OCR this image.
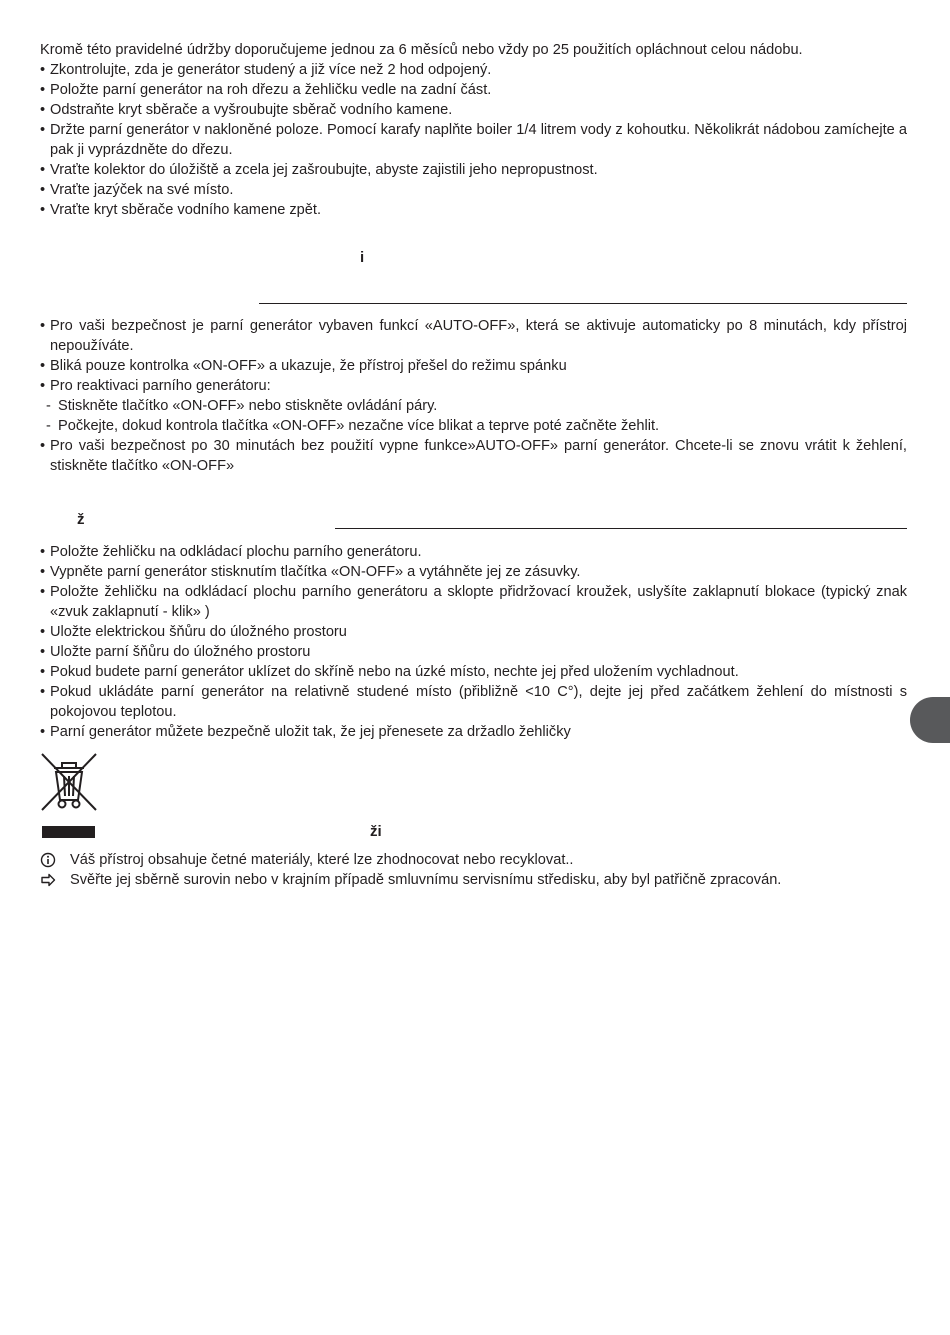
Kromě této pravidelné údržby doporučujeme jednou za 6 měsíců nebo vždy po 25 použitích opláchnout celou nádobu.

• Zkontrolujte, zda je generátor studený a již více než 2 hod odpojený.

• Položte parní generátor na roh dřezu a žehličku vedle na zadní část.

• Odstraňte kryt sběrače a vyšroubujte sběrač vodního kamene.

• Držte parní generátor v nakloněné poloze. Pomocí karafy naplňte boiler 1/4 litrem vody z kohoutku. Několikrát nádobou zamíchejte a pak ji vyprázdněte do dřezu.

• Vraťte kolektor do úložiště a zcela jej zašroubujte, abyste zajistili jeho nepropustnost.

• Vraťte jazýček na své místo.

• Vraťte kryt sběrače vodního kamene zpět.

i

• Pro vaši bezpečnost je parní generátor vybaven funkcí «AUTO-OFF», která se aktivuje automaticky po 8 minutách, kdy přístroj nepoužíváte.

• Bliká pouze kontrolka «ON-OFF» a ukazuje, že přístroj přešel do režimu spánku

• Pro reaktivaci parního generátoru:

- Stiskněte tlačítko «ON-OFF» nebo stiskněte ovládání páry.

- Počkejte, dokud kontrola tlačítka «ON-OFF» nezačne více blikat a teprve poté začněte žehlit.

• Pro vaši bezpečnost po 30 minutách bez použití vypne funkce»AUTO-OFF» parní generátor. Chcete-li se znovu vrátit k žehlení, stiskněte tlačítko «ON-OFF»

ž

• Položte žehličku na odkládací plochu parního generátoru.

• Vypněte parní generátor stisknutím tlačítka «ON-OFF» a vytáhněte jej ze zásuvky.

• Položte žehličku na odkládací plochu parního generátoru a sklopte přidržovací kroužek, uslyšíte zaklapnutí blokace (typický znak «zvuk zaklapnutí - klik» )

• Uložte elektrickou šňůru do úložného prostoru

• Uložte parní šňůru do úložného prostoru

• Pokud budete parní generátor uklízet do skříně nebo na úzké místo, nechte jej před uložením vychladnout.

• Pokud ukládáte parní generátor na relativně studené místo (přibližně <10 C°), dejte jej před začátkem žehlení do místnosti s pokojovou teplotou.

• Parní generátor můžete bezpečně uložit tak, že jej přenesete za držadlo žehličky

ži

Váš přístroj obsahuje četné materiály, které lze zhodnocovat nebo recyklovat..

Svěřte jej sběrně surovin nebo v krajním případě smluvnímu servisnímu středisku, aby byl patřičně zpracován.
